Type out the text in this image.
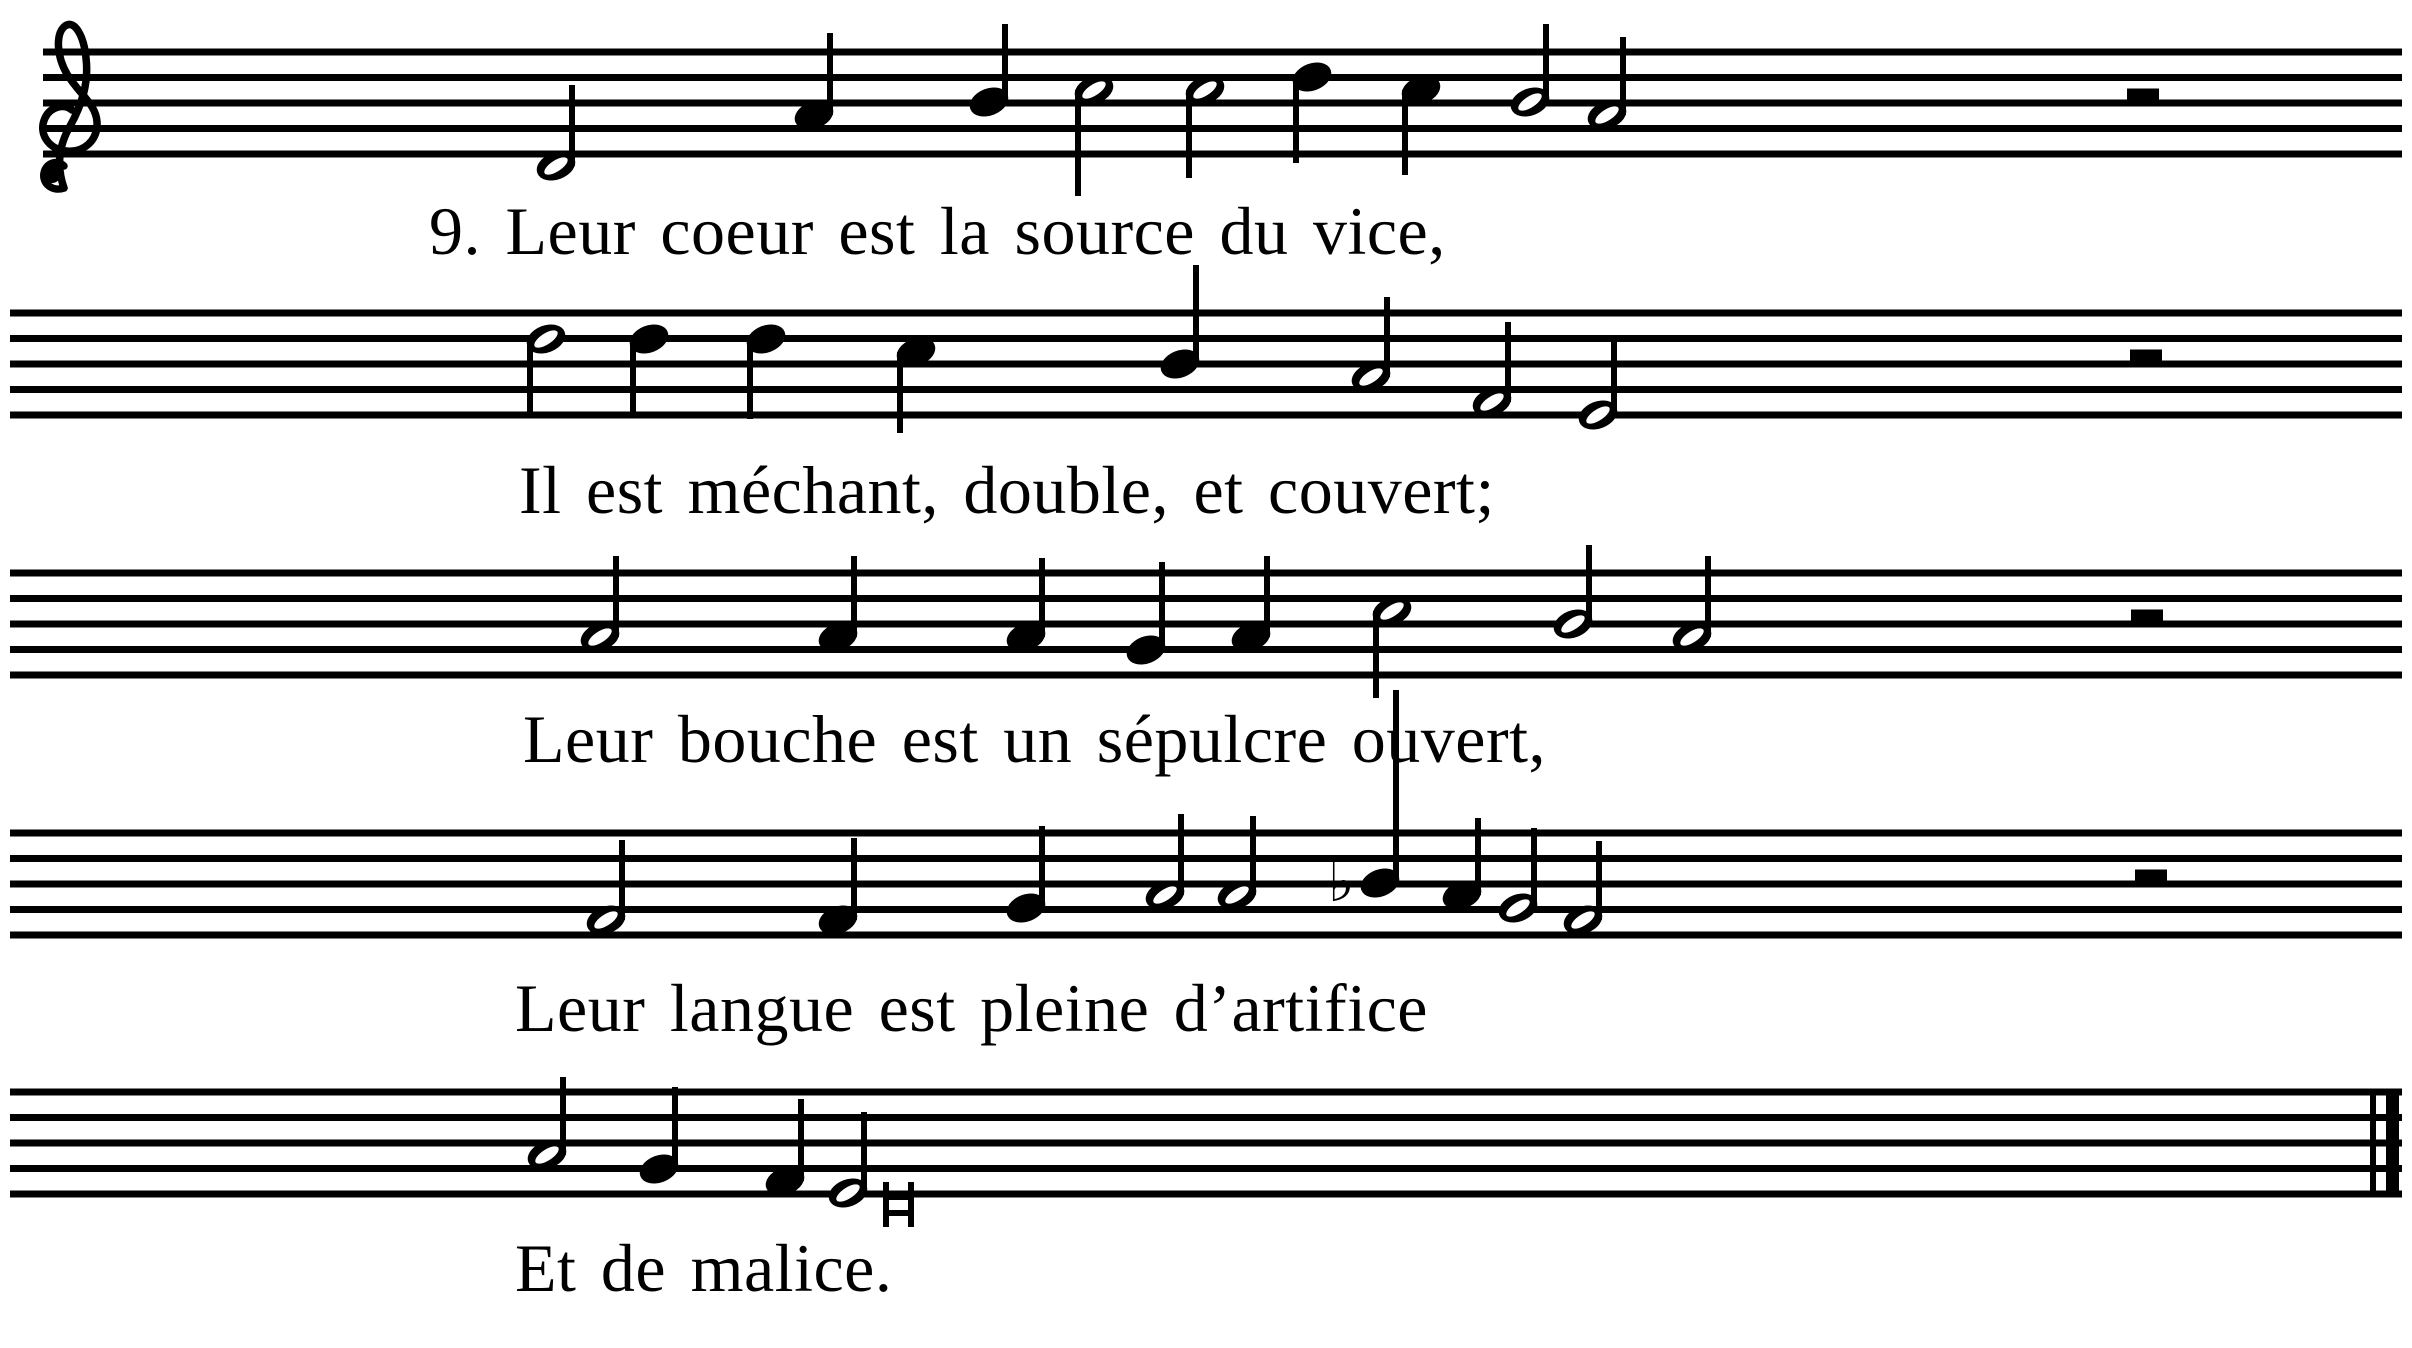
♭
9. Leur coeur est la source du vice,
Il est méchant, double, et couvert;
Leur bouche est un sépulcre ouvert,
Leur langue est pleine d’artifice
Et de malice.
